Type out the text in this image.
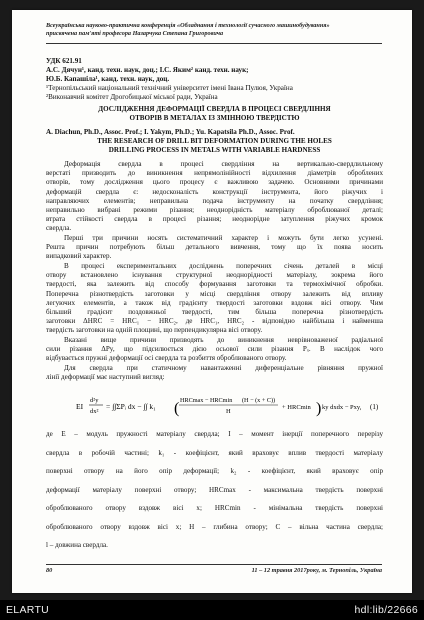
Всеукраїнська науково-практична конференція «Обладнання і технології сучасного машинобудування»
присвячена пам'яті професора Назарчука Степана Григоровича
УДК 621.91
А.С. Дячун¹, канд. техн. наук, доц.; І.С. Яким² канд. техн. наук;
Ю.Б. Капашіла¹, канд. техн. наук, доц.
¹Тернопільський національний технічний університет імені Івана Пулюя, Україна
²Виконавчий комітет Дрогобицької міської ради, Україна
ДОСЛІДЖЕННЯ ДЕФОРМАЦІЇ СВЕРДЛА В ПРОЦЕСІ СВЕРДЛІННЯ
ОТВОРІВ В МЕТАЛАХ ІЗ ЗМІННОЮ ТВЕРДІСТЮ
A. Diachun, Ph.D., Assoc. Prof.; I. Yakym, Ph.D.; Yu. Kapatsila Ph.D., Assoc. Prof.
THE RESEARCH OF DRILL BIT DEFORMATION DURING THE HOLES
DRILLING PROCESS IN METALS WITH VARIABLE HARDNESS
Деформація свердла в процесі свердління на вертикально-свердлильному
верстаті призводить до виникнення непрямолінійності відхилення діаметрів оброблених
отворів, тому дослідження цього процесу є важливою задачею. Основними причинами
деформацій свердла є: недосконалість конструкції інструмента, його ріжучих і
направляючих елементів; неправильна подача інструменту на початку свердління;
неправильно вибрані режими різання; неоднорідність матеріалу оброблюваної деталі;
втрата стійкості свердла в процесі різання; неоднорідне затуплення ріжучих кромок
свердла.
Перші три причини носять систематичний характер і можуть бути легко усунені.
Решта причин потребують більш детального вивчення, тому що їх поява носить
випадковий характер.
В процесі експериментальних досліджень поперечних січень деталей в місці
отвору встановлено існування структурної неоднорідності матеріалу, зокрема його
твердості, яка залежить від способу формування заготовки та термохімічної обробки.
Поперечна різнотвердість заготовки у місці свердління отвору залежить від впливу
легуючих елементів, а також від градієнту твердості заготовки вздовж вісі отвору. Чим
більший градієнт поздовжньої твердості, тим більша поперечна різнотвердість
заготовки ΔHRC = HRC₁ − HRC₂, де HRC₁, HRC₂ - відповідно найбільша і найменша
твердість заготовки на одній площині, що перпендикулярна вісі отвору.
Вказані вище причини призводять до виникнення неврівноваженої радіальної
сили різання ΔPy, що підсилюється дією осьової сили різання Pₓ. В наслідок чого
відбувається пружні деформації осі свердла та розбиття оброблюваного отвору.
Для свердла при статичному навантаженні диференціальне рівняння пружної
лінії деформації має наступний вигляд:
EI
d²y
dx²
= ∫∫ΣPᵢ dx − ∫∫ k₁ ( HRCmax − HRCmin (H − (x + C))
H
+ HRCmin ) ky dxdx − Pxy, (1)
де E – модуль пружності матеріалу свердла; I – момент інерції поперечного перерізу
свердла в робочій частині; k₁ - коефіцієнт, який враховує вплив твердості матеріалу
поверхні отвору на його опір деформації; k₂ - коефіцієнт, який враховує опір
деформації матеріалу поверхні отвору; HRCmax - максимальна твердість поверхні
оброблюваного отвору вздовж вісі x; HRCmin - мінімальна твердість поверхні
оброблюваного отвору вздовж вісі x; H – глибина отвору; C – вільна частина свердла;
l – довжина свердла.
80	11 – 12 травня 2017року, м. Тернопіль, Україна
ELARTU	hdl:lib/22666
